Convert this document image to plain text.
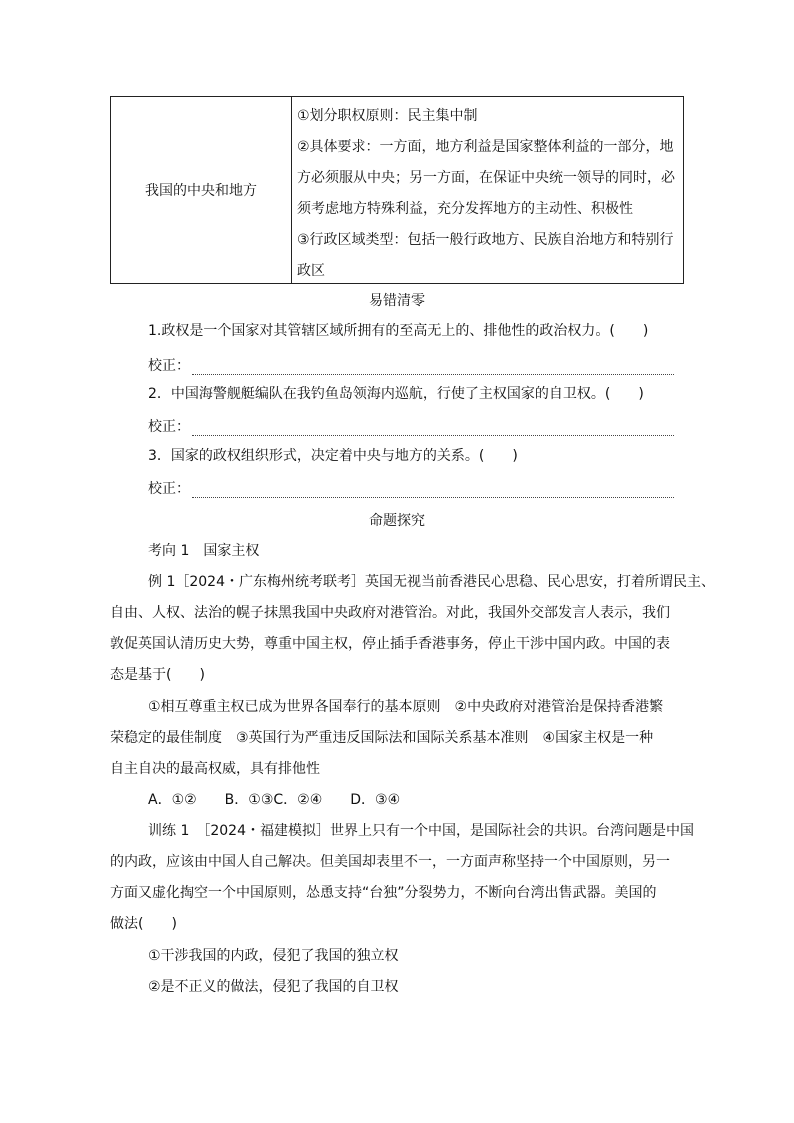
我国的中央和地方
①划分职权原则：民主集中制
②具体要求：一方面，地方利益是国家整体利益的一部分，地
方必须服从中央；另一方面，在保证中央统一领导的同时，必
须考虑地方特殊利益，充分发挥地方的主动性、积极性
③行政区域类型：包括一般行政地方、民族自治地方和特别行
政区
易错清零
1.政权是一个国家对其管辖区域所拥有的至高无上的、排他性的政治权力。(　　)
校正：
2．中国海警舰艇编队在我钓鱼岛领海内巡航，行使了主权国家的自卫权。(　　)
校正：
3．国家的政权组织形式，决定着中央与地方的关系。(　　)
校正：
命题探究
考向 1　国家主权
例 1［2024・广东梅州统考联考］英国无视当前香港民心思稳、民心思安，打着所谓民主、
自由、人权、法治的幌子抹黑我国中央政府对港管治。对此，我国外交部发言人表示，我们
敦促英国认清历史大势，尊重中国主权，停止插手香港事务，停止干涉中国内政。中国的表
态是基于(　　)
①相互尊重主权已成为世界各国奉行的基本原则　②中央政府对港管治是保持香港繁
荣稳定的最佳制度　③英国行为严重违反国际法和国际关系基本准则　④国家主权是一种
自主自决的最高权威，具有排他性
A．①②　　B．①③C．②④　　D．③④
训练 1　［2024・福建模拟］世界上只有一个中国，是国际社会的共识。台湾问题是中国
的内政，应该由中国人自己解决。但美国却表里不一，一方面声称坚持一个中国原则，另一
方面又虚化掏空一个中国原则，怂恿支持“台独”分裂势力，不断向台湾出售武器。美国的
做法(　　)
①干涉我国的内政，侵犯了我国的独立权
②是不正义的做法，侵犯了我国的自卫权
